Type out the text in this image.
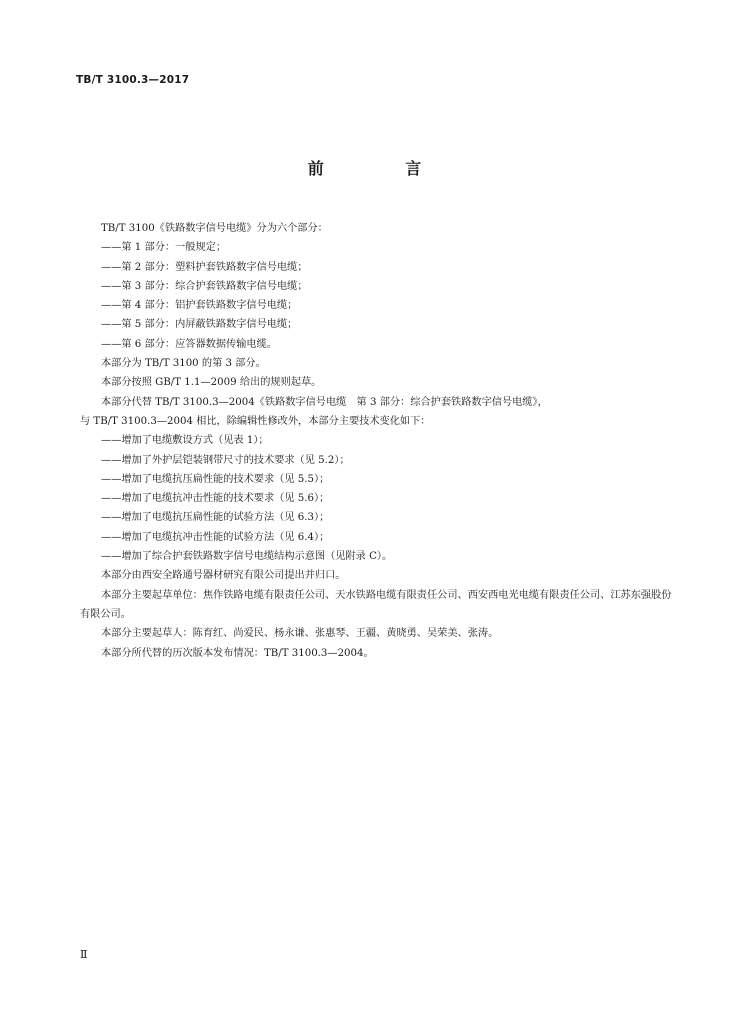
TB/T 3100.3—2017
前 言

TB/T 3100《铁路数字信号电缆》分为六个部分：

——第 1 部分：一般规定；

——第 2 部分：塑料护套铁路数字信号电缆；

——第 3 部分：综合护套铁路数字信号电缆；

——第 4 部分：铝护套铁路数字信号电缆；

——第 5 部分：内屏蔽铁路数字信号电缆；

——第 6 部分：应答器数据传输电缆。

本部分为 TB/T 3100 的第 3 部分。

本部分按照 GB/T 1.1—2009 给出的规则起草。

本部分代替 TB/T 3100.3—2004《铁路数字信号电缆　第 3 部分：综合护套铁路数字信号电缆》，

与 TB/T 3100.3—2004 相比，除编辑性修改外，本部分主要技术变化如下：

——增加了电缆敷设方式（见表 1）；

——增加了外护层铠装钢带尺寸的技术要求（见 5.2）；

——增加了电缆抗压扁性能的技术要求（见 5.5）；

——增加了电缆抗冲击性能的技术要求（见 5.6）；

——增加了电缆抗压扁性能的试验方法（见 6.3）；

——增加了电缆抗冲击性能的试验方法（见 6.4）；

——增加了综合护套铁路数字信号电缆结构示意图（见附录 C）。

本部分由西安全路通号器材研究有限公司提出并归口。

本部分主要起草单位：焦作铁路电缆有限责任公司、天水铁路电缆有限责任公司、西安西电光电缆有限责任公司、江苏东强股份有限公司。

本部分主要起草人：陈育红、尚爱民、杨永谦、张惠琴、王疆、黄晓勇、吴荣美、张涛。

本部分所代替的历次版本发布情况：TB/T 3100.3—2004。

Ⅱ
